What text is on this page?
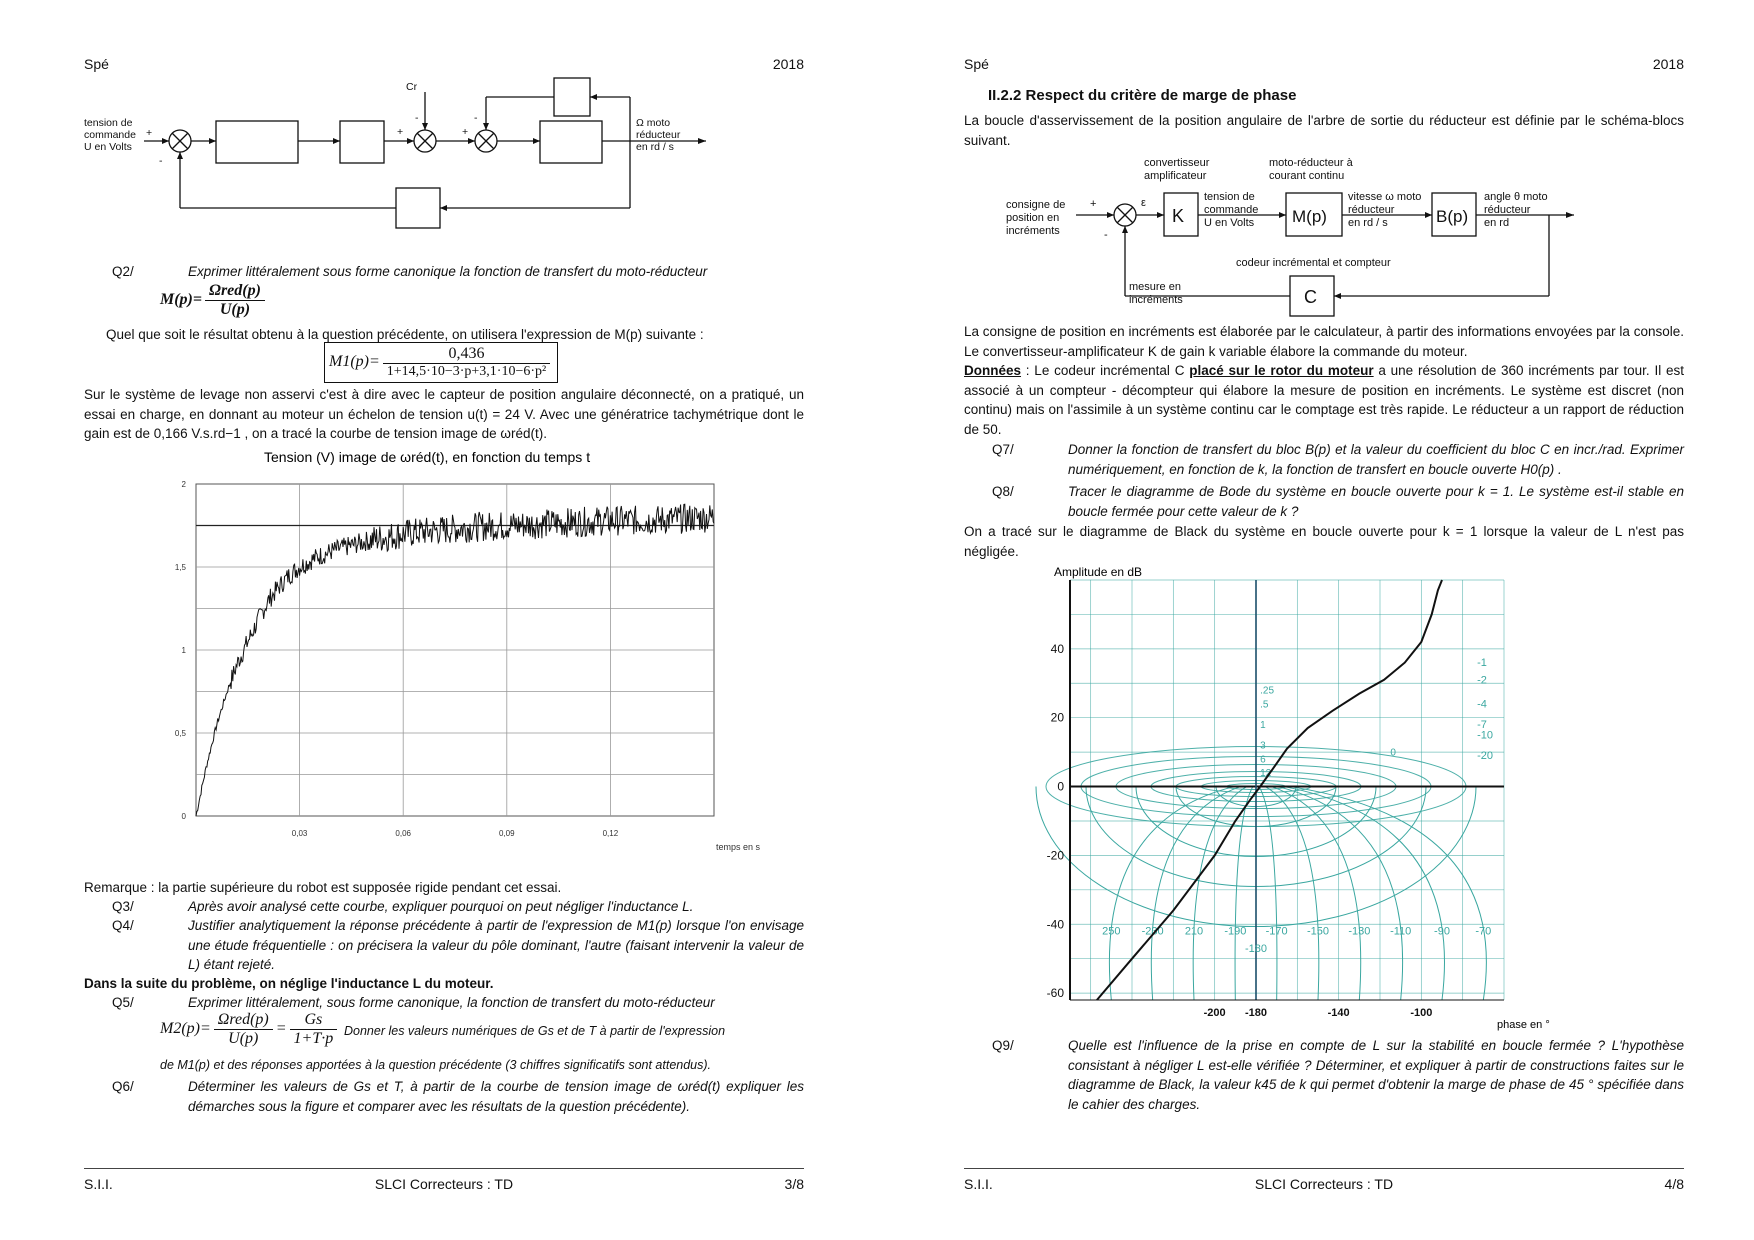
Spé	2018
tension de
commande
U en Volts
+
-
Cr
+
-
+
-	Ω moto
réducteur
en rd / s
Q2/	Exprimer littéralement sous forme canonique la fonction de transfert du moto-réducteur
$M(p)= \frac{\text{Ωred(p)}}{U(p)}$
Quel que soit le résultat obtenu à la question précédente, on utilisera l'expression de M(p) suivante :
$M1(p)= \frac{0,436}{\text{1+14,5·10−3·p+3,1·10−6·p²}}$
Sur le système de levage non asservi c'est à dire avec le capteur de position angulaire déconnecté, on a pratiqué, un essai en charge, en donnant au moteur un échelon de tension u(t) = 24 V. Avec une génératrice tachymétrique dont le gain est de 0,166 V.s.rd−1 , on a tracé la courbe de tension image de ωréd(t).
Tension (V) image de ωréd(t), en fonction du temps t
0
0,5
1
1,5
2
0,03	0,06	0,09	0,12
temps en s
Remarque : la partie supérieure du robot est supposée rigide pendant cet essai.
Q3/	Après avoir analysé cette courbe, expliquer pourquoi on peut négliger l'inductance L.
Q4/	Justifier analytiquement la réponse précédente à partir de l'expression de M1(p) lorsque l'on envisage une étude fréquentielle : on précisera la valeur du pôle dominant, l'autre (faisant intervenir la valeur de L) étant rejeté.
Dans la suite du problème, on néglige l'inductance L du moteur.
Q5/	Exprimer littéralement, sous forme canonique, la fonction de transfert du moto-réducteur
$M2(p)= \frac{\text{Ωred(p)}}{U(p)} = \frac{Gs}{1+T\cdot p}$ Donner les valeurs numériques de Gs et de T à partir de l'expression
de M1(p) et des réponses apportées à la question précédente (3 chiffres significatifs sont attendus).
Q6/	Déterminer les valeurs de Gs et T, à partir de la courbe de tension image de ωréd(t) expliquer les démarches sous la figure et comparer avec les résultats de la question précédente).
S.I.I.	SLCI Correcteurs : TD	3/8
Spé	2018
II.2.2 Respect du critère de marge de phase
La boucle d'asservissement de la position angulaire de l'arbre de sortie du réducteur est définie par le schéma-blocs suivant.
convertisseur
amplificateur
moto-réducteur à
courant continu
consigne de
position en
incréments
+
-
ε
K
tension de
commande
U en Volts M(p)
vitesse ω moto
réducteur
en rd / s	B(p)
angle θ moto
réducteur
en rd
codeur incrémental et compteur
C
mesure en
incréments
La consigne de position en incréments est élaborée par le calculateur, à partir des informations envoyées par la console. Le convertisseur-amplificateur K de gain k variable élabore la commande du moteur.
Données : Le codeur incrémental C placé sur le rotor du moteur a une résolution de 360 incréments par tour. Il est associé à un compteur - décompteur qui élabore la mesure de position en incréments. Le système est discret (non continu) mais on l'assimile à un système continu car le comptage est très rapide. Le réducteur a un rapport de réduction de 50.
Q7/	Donner la fonction de transfert du bloc B(p) et la valeur du coefficient du bloc C en incr./rad. Exprimer numériquement, en fonction de k, la fonction de transfert en boucle ouverte H0(p) .
Q8/	Tracer le diagramme de Bode du système en boucle ouverte pour k = 1. Le système est-il stable en boucle fermée pour cette valeur de k ?
On a tracé sur le diagramme de Black du système en boucle ouverte pour k = 1 lorsque la valeur de L n'est pas négligée.
Amplitude en dB
-60
-40
-20
0
20
40
-200 -180	-140	-100
250 -230 210 -190 -170 -150 -130 -110 -90 -70
-180
.25
.5
1
3
6
12
0
-1
-2
-4
-7
-10
-20
phase en °
Q9/	Quelle est l'influence de la prise en compte de L sur la stabilité en boucle fermée ? L'hypothèse consistant à négliger L est-elle vérifiée ? Déterminer, et expliquer à partir de constructions faites sur le diagramme de Black, la valeur k45 de k qui permet d'obtenir la marge de phase de 45 ° spécifiée dans le cahier des charges.
S.I.I.	SLCI Correcteurs : TD	4/8
